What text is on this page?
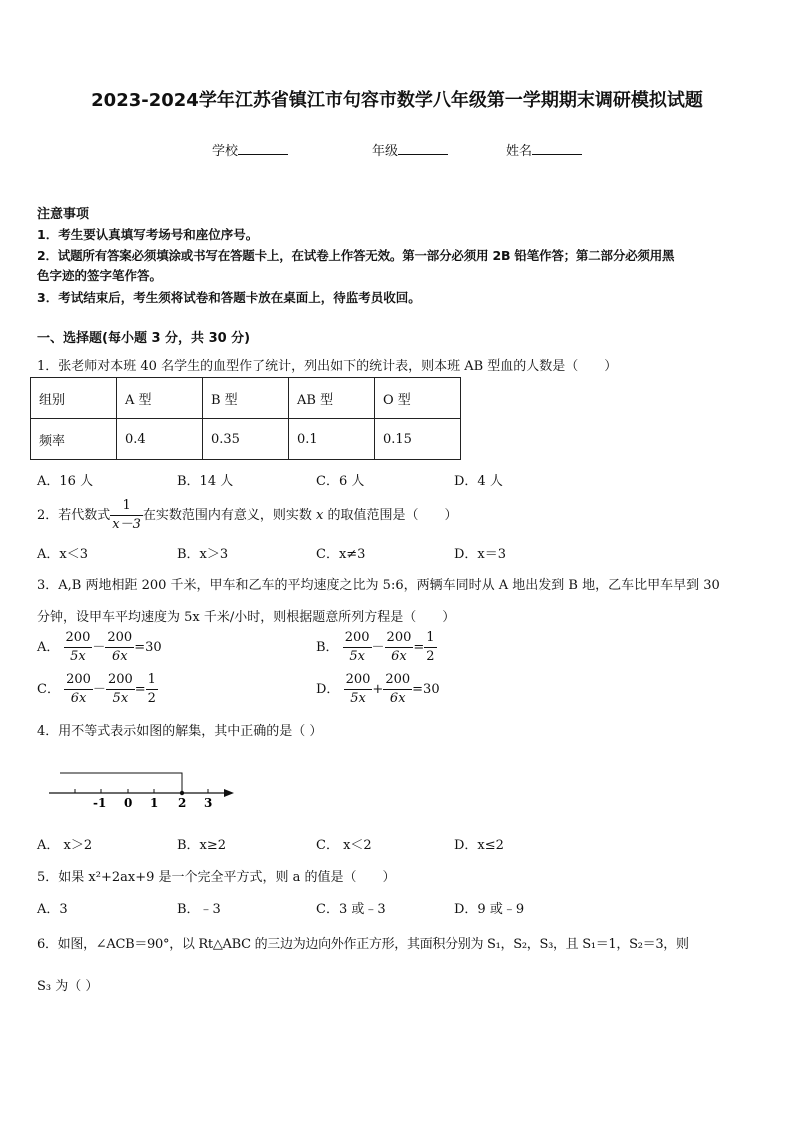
2023-2024学年江苏省镇江市句容市数学八年级第一学期期末调研模拟试题
学校	年级	姓名
注意事项
1．考生要认真填写考场号和座位序号。
2．试题所有答案必须填涂或书写在答题卡上，在试卷上作答无效。第一部分必须用 2B 铅笔作答；第二部分必须用黑
色字迹的签字笔作答。
3．考试结束后，考生须将试卷和答题卡放在桌面上，待监考员收回。
一、选择题(每小题 3 分，共 30 分)
1．张老师对本班 40 名学生的血型作了统计，列出如下的统计表，则本班 AB 型血的人数是（　　）
组别	A 型	B 型	AB 型	O 型
频率	0.4	0.35	0.1	0.15
A．16 人	B．14 人	C．6 人	D．4 人
2．若代数式 $\frac{1}{x-3}$ 在实数范围内有意义，则实数 x 的取值范围是（　　）
A．x＜3	B．x＞3	C．x≠3	D．x＝3
3．A,B 两地相距 200 千米，甲车和乙车的平均速度之比为 5:6，两辆车同时从 A 地出发到 B 地，乙车比甲车早到 30
分钟，设甲车平均速度为 5x 千米/小时，则根据题意所列方程是（　　）
A． $\frac{200}{5x} - \frac{200}{6x} =30$	B． $\frac{200}{5x} - \frac{200}{6x} = \frac{1}{2}$
C． $\frac{200}{6x} - \frac{200}{5x} = \frac{1}{2}$	D． $\frac{200}{5x} + \frac{200}{6x} =30$
4．用不等式表示如图的解集，其中正确的是（ ）
-1 0 1 2 3
A． x＞2	B．x≥2	C． x＜2	D．x≤2
5．如果 x²+2ax+9 是一个完全平方式，则 a 的值是（　　）
A．3	B．﹣3	C．3 或﹣3	D．9 或﹣9
6．如图，∠ACB＝90°，以 Rt△ABC 的三边为边向外作正方形，其面积分别为 S₁，S₂，S₃，且 S₁＝1，S₂＝3，则
S₃ 为（ ）
